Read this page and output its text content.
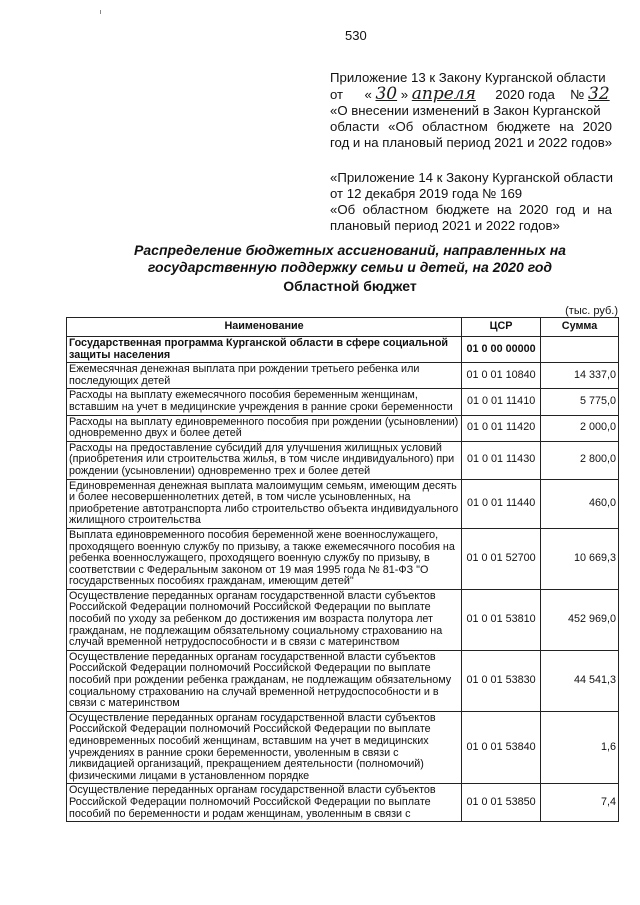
530
Приложение 13 к Закону Курганской области
от « 30 » апреля 2020 года № 32
«О внесении изменений в Закон Курганской
области «Об областном бюджете на 2020
год и на плановый период 2021 и 2022 годов»
«Приложение 14 к Закону Курганской области
от 12 декабря 2019 года № 169
«Об областном бюджете на 2020 год и на
плановый период 2021 и 2022 годов»
Распределение бюджетных ассигнований, направленных на государственную поддержку семьи и детей, на 2020 год
Областной бюджет
(тыс. руб.)
Наименование	ЦСР	Сумма
Государственная программа Курганской области в сфере социальной защиты населения	01 0 00 00000	
Ежемесячная денежная выплата при рождении третьего ребенка или последующих детей	01 0 01 10840	14 337,0
Расходы на выплату ежемесячного пособия беременным женщинам, вставшим на учет в медицинские учреждения в ранние сроки беременности	01 0 01 11410	5 775,0
Расходы на выплату единовременного пособия при рождении (усыновлении) одновременно двух и более детей	01 0 01 11420	2 000,0
Расходы на предоставление субсидий для улучшения жилищных условий (приобретения или строительства жилья, в том числе индивидуального) при рождении (усыновлении) одновременно трех и более детей	01 0 01 11430	2 800,0
Единовременная денежная выплата малоимущим семьям, имеющим десять и более несовершеннолетних детей, в том числе усыновленных, на приобретение автотранспорта либо строительство объекта индивидуального жилищного строительства	01 0 01 11440	460,0
Выплата единовременного пособия беременной жене военнослужащего, проходящего военную службу по призыву, а также ежемесячного пособия на ребенка военнослужащего, проходящего военную службу по призыву, в соответствии с Федеральным законом от 19 мая 1995 года № 81-ФЗ "О государственных пособиях гражданам, имеющим детей"	01 0 01 52700	10 669,3
Осуществление переданных органам государственной власти субъектов Российской Федерации полномочий Российской Федерации по выплате пособий по уходу за ребенком до достижения им возраста полутора лет гражданам, не подлежащим обязательному социальному страхованию на случай временной нетрудоспособности и в связи с материнством	01 0 01 53810	452 969,0
Осуществление переданных органам государственной власти субъектов Российской Федерации полномочий Российской Федерации по выплате пособий при рождении ребенка гражданам, не подлежащим обязательному социальному страхованию на случай временной нетрудоспособности и в связи с материнством	01 0 01 53830	44 541,3
Осуществление переданных органам государственной власти субъектов Российской Федерации полномочий Российской Федерации по выплате единовременных пособий женщинам, вставшим на учет в медицинских учреждениях в ранние сроки беременности, уволенным в связи с ликвидацией организаций, прекращением деятельности (полномочий) физическими лицами в установленном порядке	01 0 01 53840	1,6
Осуществление переданных органам государственной власти субъектов Российской Федерации полномочий Российской Федерации по выплате пособий по беременности и родам женщинам, уволенным в связи с	01 0 01 53850	7,4
